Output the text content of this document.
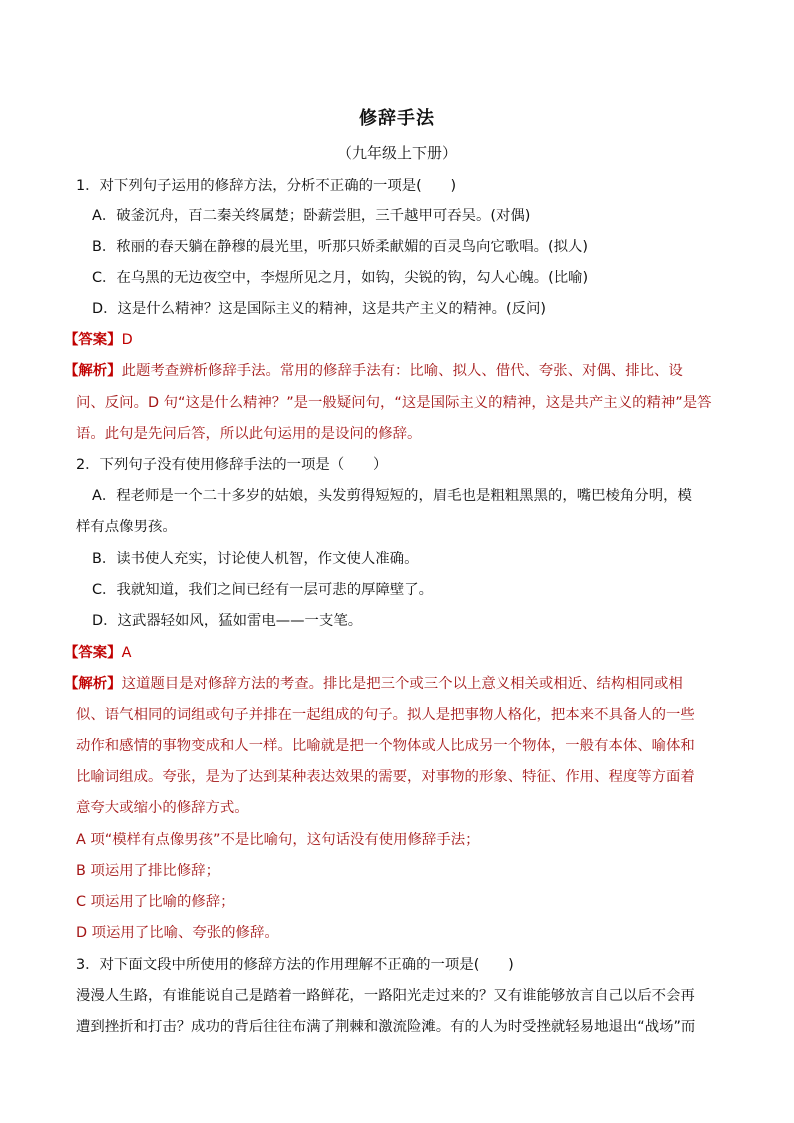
修辞手法
（九年级上下册）
1．对下列句子运用的修辞方法，分析不正确的一项是(　　)
A．破釜沉舟，百二秦关终属楚；卧薪尝胆，三千越甲可吞吴。(对偶)
B．秾丽的春天躺在静穆的晨光里，听那只娇柔献媚的百灵鸟向它歌唱。(拟人)
C．在乌黑的无边夜空中，李煜所见之月，如钩，尖锐的钩，勾人心魄。(比喻)
D．这是什么精神？这是国际主义的精神，这是共产主义的精神。(反问)
【答案】D
【解析】此题考查辨析修辞手法。常用的修辞手法有：比喻、拟人、借代、夸张、对偶、排比、设
问、反问。D 句“这是什么精神？”是一般疑问句，“这是国际主义的精神，这是共产主义的精神”是答
语。此句是先问后答，所以此句运用的是设问的修辞。
2．下列句子没有使用修辞手法的一项是（　　）
A．程老师是一个二十多岁的姑娘，头发剪得短短的，眉毛也是粗粗黑黑的，嘴巴棱角分明，模
样有点像男孩。
B．读书使人充实，讨论使人机智，作文使人准确。
C．我就知道，我们之间已经有一层可悲的厚障壁了。
D．这武器轻如风，猛如雷电——一支笔。
【答案】A
【解析】这道题目是对修辞方法的考查。排比是把三个或三个以上意义相关或相近、结构相同或相
似、语气相同的词组或句子并排在一起组成的句子。拟人是把事物人格化，把本来不具备人的一些
动作和感情的事物变成和人一样。比喻就是把一个物体或人比成另一个物体，一般有本体、喻体和
比喻词组成。夸张，是为了达到某种表达效果的需要，对事物的形象、特征、作用、程度等方面着
意夸大或缩小的修辞方式。
A 项“模样有点像男孩”不是比喻句，这句话没有使用修辞手法；
B 项运用了排比修辞；
C 项运用了比喻的修辞；
D 项运用了比喻、夸张的修辞。
3．对下面文段中所使用的修辞方法的作用理解不正确的一项是(　　)
漫漫人生路，有谁能说自己是踏着一路鲜花，一路阳光走过来的？又有谁能够放言自己以后不会再
遭到挫折和打击？成功的背后往往布满了荆棘和激流险滩。有的人为时受挫就轻易地退出“战场”而
